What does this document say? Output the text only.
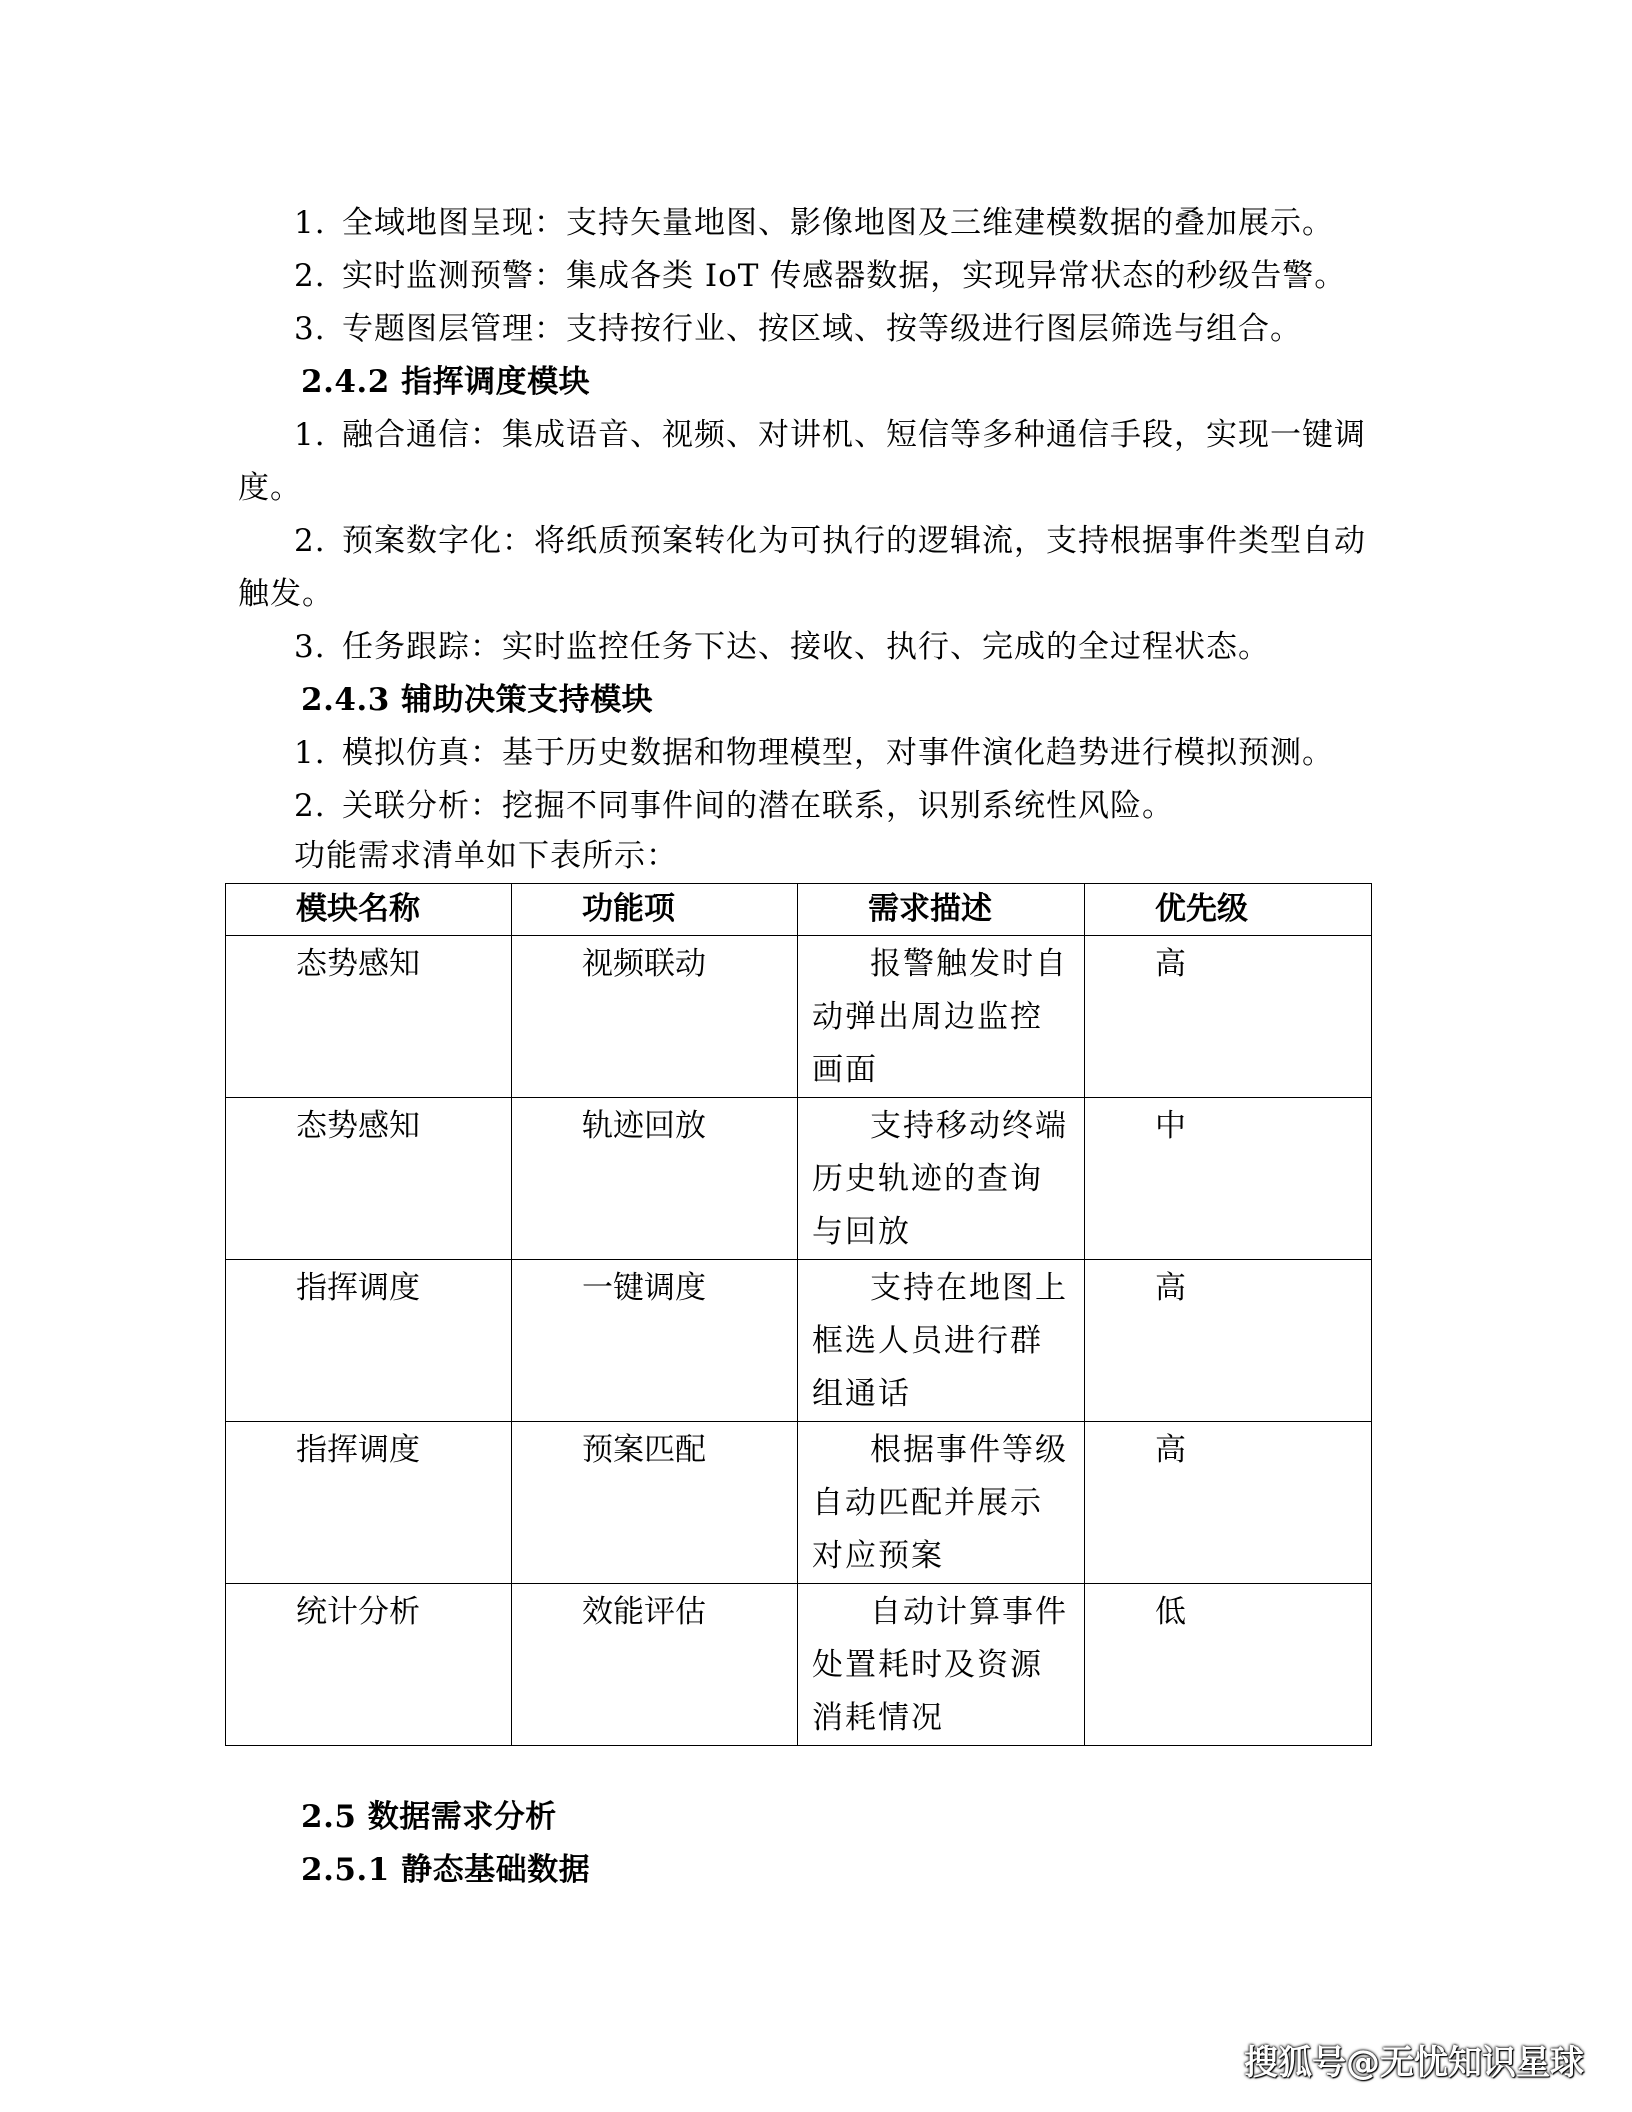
1. 全域地图呈现：支持矢量地图、影像地图及三维建模数据的叠加展示。
2. 实时监测预警：集成各类 IoT 传感器数据，实现异常状态的秒级告警。
3. 专题图层管理：支持按行业、按区域、按等级进行图层筛选与组合。
2.4.2 指挥调度模块
1. 融合通信：集成语音、视频、对讲机、短信等多种通信手段，实现一键调
度。
2. 预案数字化：将纸质预案转化为可执行的逻辑流，支持根据事件类型自动
触发。
3. 任务跟踪：实时监控任务下达、接收、执行、完成的全过程状态。
2.4.3 辅助决策支持模块
1. 模拟仿真：基于历史数据和物理模型，对事件演化趋势进行模拟预测。
2. 关联分析：挖掘不同事件间的潜在联系，识别系统性风险。
功能需求清单如下表所示：
模块名称	功能项	需求描述	优先级
态势感知	视频联动	报警触发时自动弹出周边监控画面	高
态势感知	轨迹回放	支持移动终端历史轨迹的查询与回放	中
指挥调度	一键调度	支持在地图上框选人员进行群组通话	高
指挥调度	预案匹配	根据事件等级自动匹配并展示对应预案	高
统计分析	效能评估	自动计算事件处置耗时及资源消耗情况	低
2.5 数据需求分析
2.5.1 静态基础数据
搜狐号@无忧知识星球
